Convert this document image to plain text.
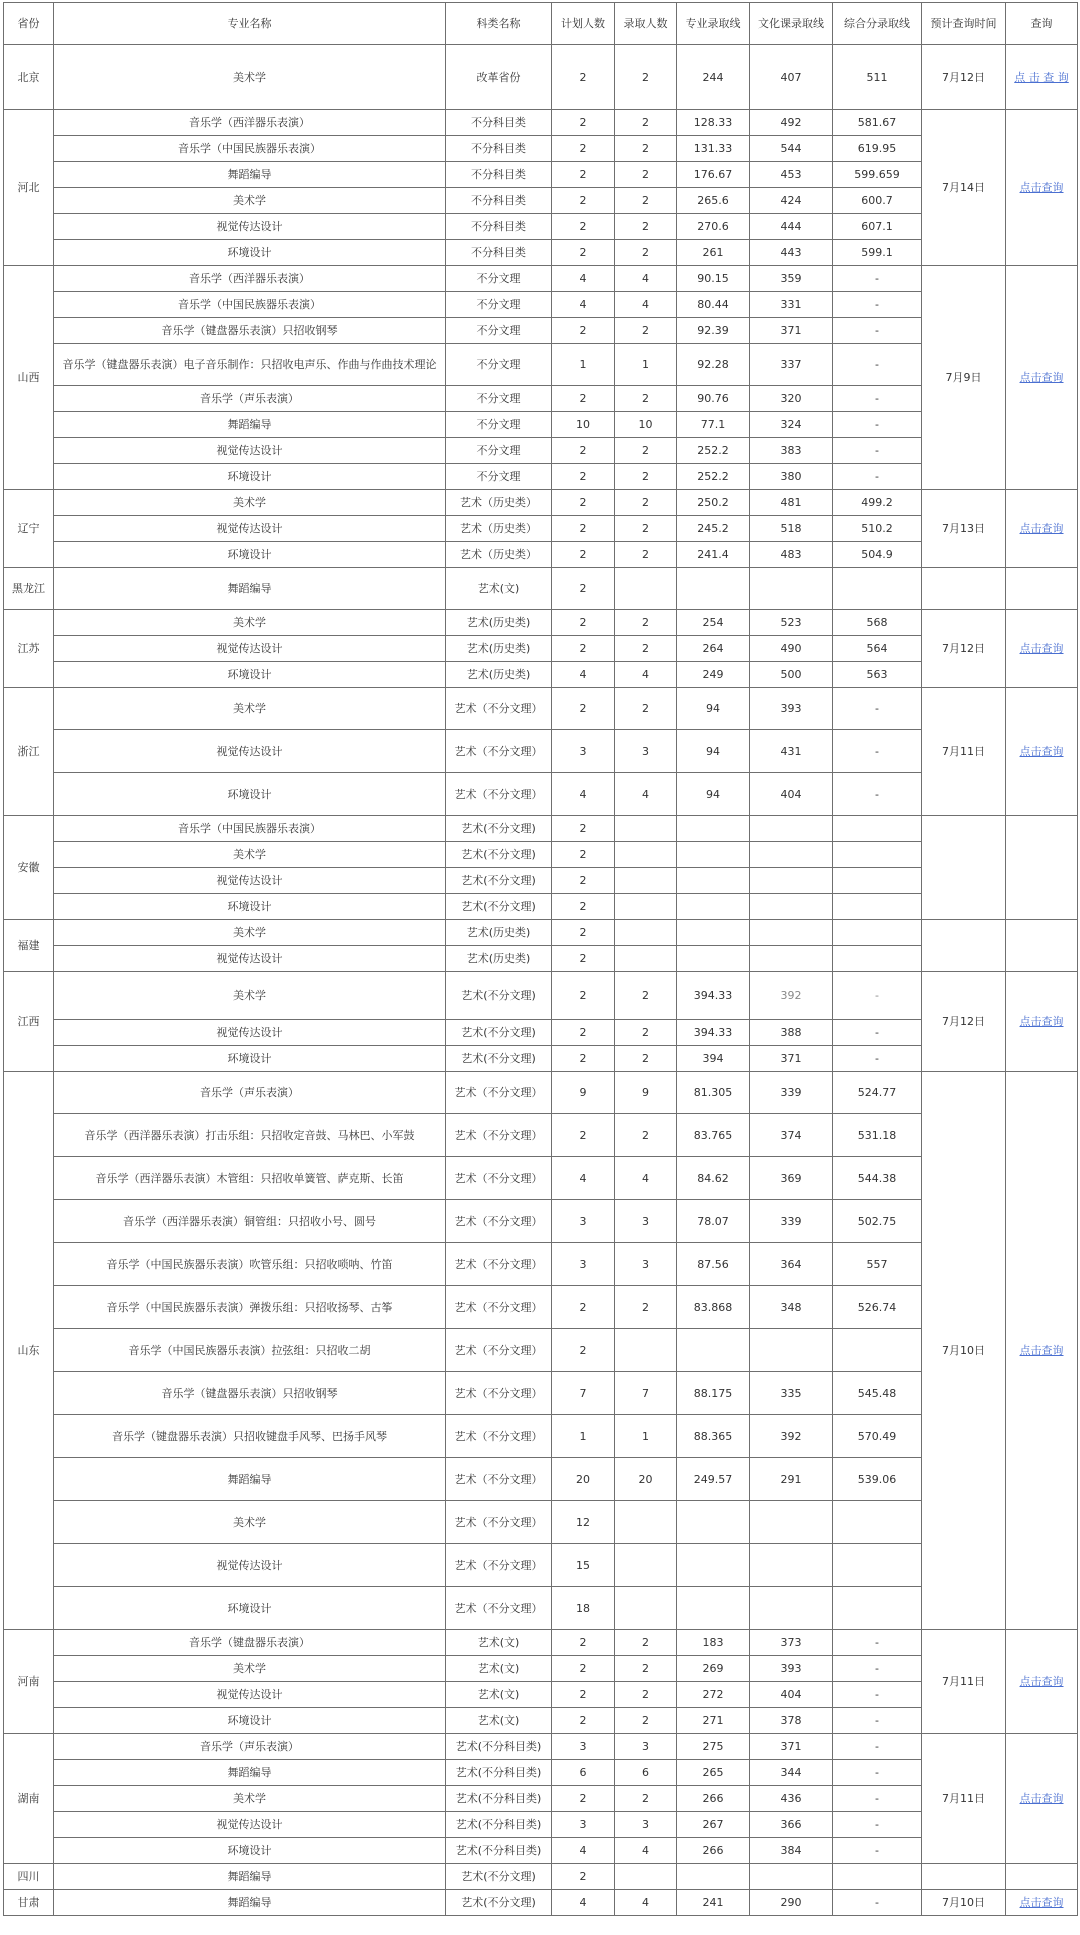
省份	专业名称	科类名称	计划人数	录取人数	专业录取线	文化课录取线	综合分录取线	预计查询时间	查询
北京	美术学	改革省份	2	2	244	407	511	7月12日	点 击 查 询
河北	音乐学（西洋器乐表演）	不分科目类	2	2	128.33	492	581.67	7月14日	点击查询
	音乐学（中国民族器乐表演）	不分科目类	2	2	131.33	544	619.95		
	舞蹈编导	不分科目类	2	2	176.67	453	599.659		
	美术学	不分科目类	2	2	265.6	424	600.7		
	视觉传达设计	不分科目类	2	2	270.6	444	607.1		
	环境设计	不分科目类	2	2	261	443	599.1		
山西	音乐学（西洋器乐表演）	不分文理	4	4	90.15	359	-	7月9日	点击查询
	音乐学（中国民族器乐表演）	不分文理	4	4	80.44	331	-		
	音乐学（键盘器乐表演）只招收钢琴	不分文理	2	2	92.39	371	-		
	音乐学（键盘器乐表演）电子音乐制作：只招收电声乐、作曲与作曲技术理论	不分文理	1	1	92.28	337	-		
	音乐学（声乐表演）	不分文理	2	2	90.76	320	-		
	舞蹈编导	不分文理	10	10	77.1	324	-		
	视觉传达设计	不分文理	2	2	252.2	383	-		
	环境设计	不分文理	2	2	252.2	380	-		
辽宁	美术学	艺术（历史类）	2	2	250.2	481	499.2	7月13日	点击查询
	视觉传达设计	艺术（历史类）	2	2	245.2	518	510.2		
	环境设计	艺术（历史类）	2	2	241.4	483	504.9		
黑龙江	舞蹈编导	艺术(文)	2						
江苏	美术学	艺术(历史类)	2	2	254	523	568	7月12日	点击查询
	视觉传达设计	艺术(历史类)	2	2	264	490	564		
	环境设计	艺术(历史类)	4	4	249	500	563		
浙江	美术学	艺术（不分文理）	2	2	94	393	-	7月11日	点击查询
	视觉传达设计	艺术（不分文理）	3	3	94	431	-		
	环境设计	艺术（不分文理）	4	4	94	404	-		
安徽	音乐学（中国民族器乐表演）	艺术(不分文理)	2						
	美术学	艺术(不分文理)	2						
	视觉传达设计	艺术(不分文理)	2						
	环境设计	艺术(不分文理)	2						
福建	美术学	艺术(历史类)	2						
	视觉传达设计	艺术(历史类)	2						
江西	美术学	艺术(不分文理)	2	2	394.33	392	-	7月12日	点击查询
	视觉传达设计	艺术(不分文理)	2	2	394.33	388	-		
	环境设计	艺术(不分文理)	2	2	394	371	-		
山东	音乐学（声乐表演）	艺术（不分文理）	9	9	81.305	339	524.77	7月10日	点击查询
	音乐学（西洋器乐表演）打击乐组：只招收定音鼓、马林巴、小军鼓	艺术（不分文理）	2	2	83.765	374	531.18		
	音乐学（西洋器乐表演）木管组：只招收单簧管、萨克斯、长笛	艺术（不分文理）	4	4	84.62	369	544.38		
	音乐学（西洋器乐表演）铜管组：只招收小号、圆号	艺术（不分文理）	3	3	78.07	339	502.75		
	音乐学（中国民族器乐表演）吹管乐组：只招收唢呐、竹笛	艺术（不分文理）	3	3	87.56	364	557		
	音乐学（中国民族器乐表演）弹拨乐组：只招收扬琴、古筝	艺术（不分文理）	2	2	83.868	348	526.74		
	音乐学（中国民族器乐表演）拉弦组：只招收二胡	艺术（不分文理）	2						
	音乐学（键盘器乐表演）只招收钢琴	艺术（不分文理）	7	7	88.175	335	545.48		
	音乐学（键盘器乐表演）只招收键盘手风琴、巴扬手风琴	艺术（不分文理）	1	1	88.365	392	570.49		
	舞蹈编导	艺术（不分文理）	20	20	249.57	291	539.06		
	美术学	艺术（不分文理）	12						
	视觉传达设计	艺术（不分文理）	15						
	环境设计	艺术（不分文理）	18						
河南	音乐学（键盘器乐表演）	艺术(文)	2	2	183	373	-	7月11日	点击查询
	美术学	艺术(文)	2	2	269	393	-		
	视觉传达设计	艺术(文)	2	2	272	404	-		
	环境设计	艺术(文)	2	2	271	378	-		
湖南	音乐学（声乐表演）	艺术(不分科目类)	3	3	275	371	-	7月11日	点击查询
	舞蹈编导	艺术(不分科目类)	6	6	265	344	-		
	美术学	艺术(不分科目类)	2	2	266	436	-		
	视觉传达设计	艺术(不分科目类)	3	3	267	366	-		
	环境设计	艺术(不分科目类)	4	4	266	384	-		
四川	舞蹈编导	艺术(不分文理)	2						
甘肃	舞蹈编导	艺术(不分文理)	4	4	241	290	-	7月10日	点击查询
